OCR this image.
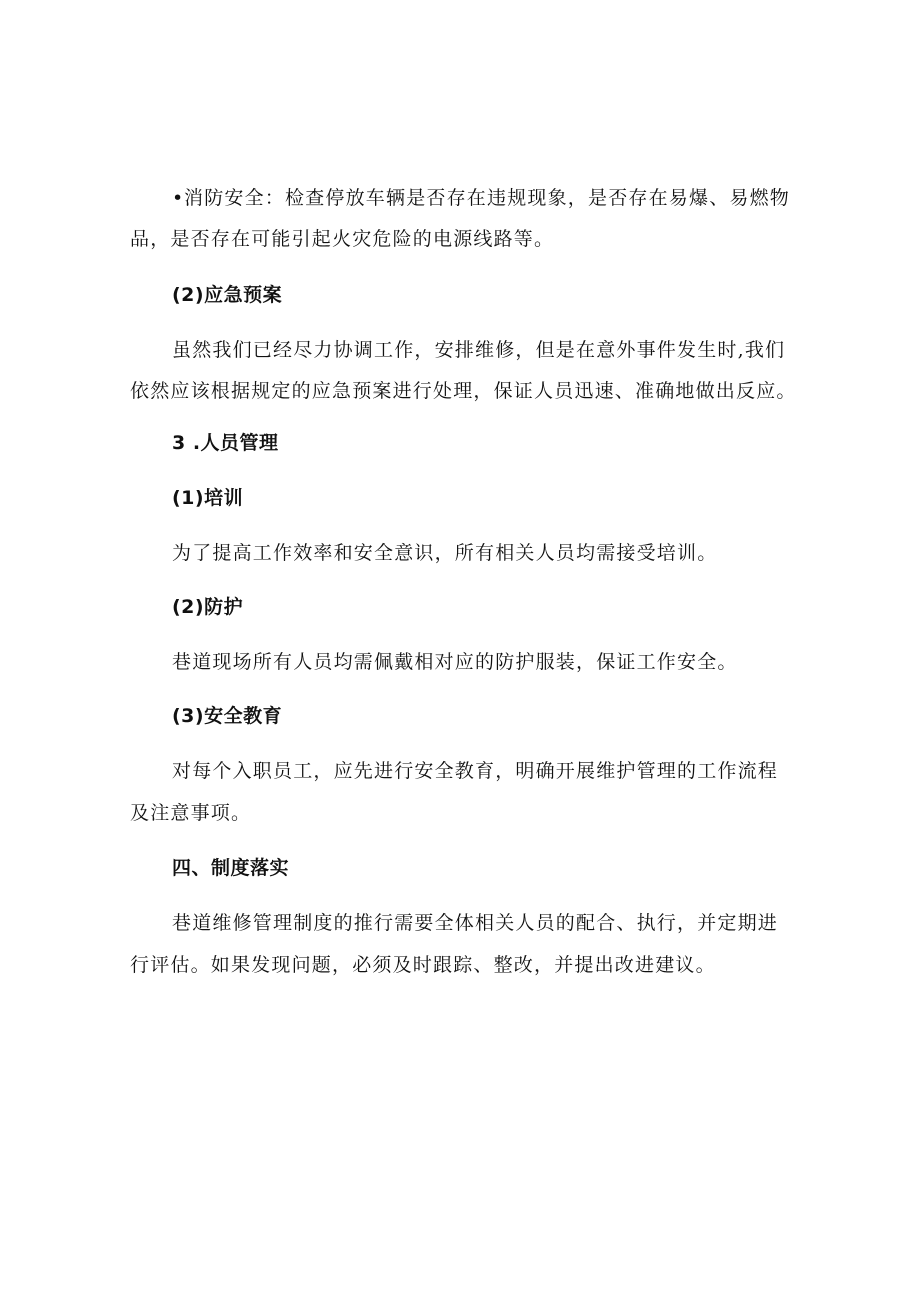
•消防安全：检查停放车辆是否存在违规现象，是否存在易爆、易燃物
品，是否存在可能引起火灾危险的电源线路等。
(2)应急预案
虽然我们已经尽力协调工作，安排维修，但是在意外事件发生时,我们
依然应该根据规定的应急预案进行处理，保证人员迅速、准确地做出反应。
3 .人员管理
(1)培训
为了提高工作效率和安全意识，所有相关人员均需接受培训。
(2)防护
巷道现场所有人员均需佩戴相对应的防护服装，保证工作安全。
(3)安全教育
对每个入职员工，应先进行安全教育，明确开展维护管理的工作流程
及注意事项。
四、制度落实
巷道维修管理制度的推行需要全体相关人员的配合、执行，并定期进
行评估。如果发现问题，必须及时跟踪、整改，并提出改进建议。
